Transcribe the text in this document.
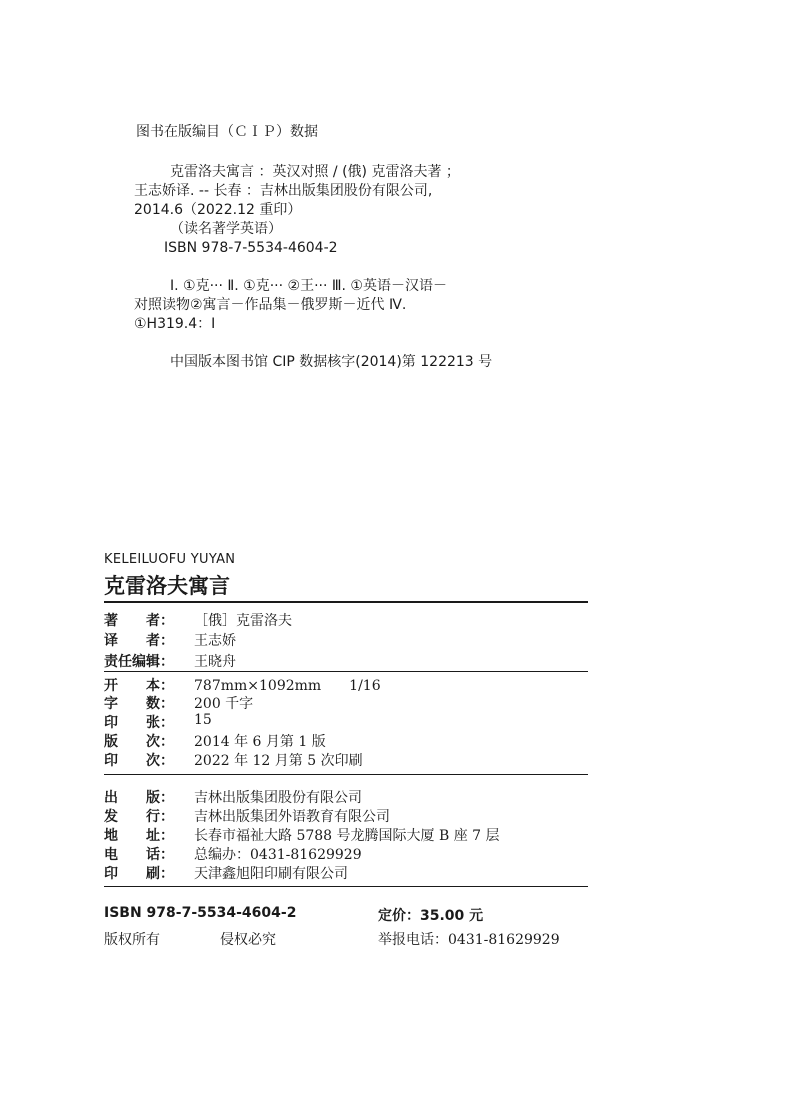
图书在版编目（ＣＩＰ）数据
克雷洛夫寓言 ：英汉对照 / (俄) 克雷洛夫著 ；
王志娇译. -- 长春 ：吉林出版集团股份有限公司,
2014.6（2022.12 重印）
（读名著学英语）
ISBN 978-7-5534-4604-2
Ⅰ. ①克··· Ⅱ. ①克··· ②王··· Ⅲ. ①英语－汉语－
对照读物②寓言－作品集－俄罗斯－近代 Ⅳ.
①H319.4：I
中国版本图书馆 CIP 数据核字(2014)第 122213 号
KELEILUOFU YUYAN
克雷洛夫寓言
著　　者： ［俄］克雷洛夫
译　　者： 王志娇
责任编辑： 王晓舟
开　　本： 787mm×1092mm　　1/16
字　　数： 200 千字
印　　张： 15
版　　次： 2014 年 6 月第 1 版
印　　次： 2022 年 12 月第 5 次印刷
出　　版： 吉林出版集团股份有限公司
发　　行： 吉林出版集团外语教育有限公司
地　　址： 长春市福祉大路 5788 号龙腾国际大厦 B 座 7 层
电　　话： 总编办：0431-81629929
印　　刷： 天津鑫旭阳印刷有限公司
ISBN 978-7-5534-4604-2	定价：35.00 元
版权所有	侵权必究	举报电话：0431-81629929
